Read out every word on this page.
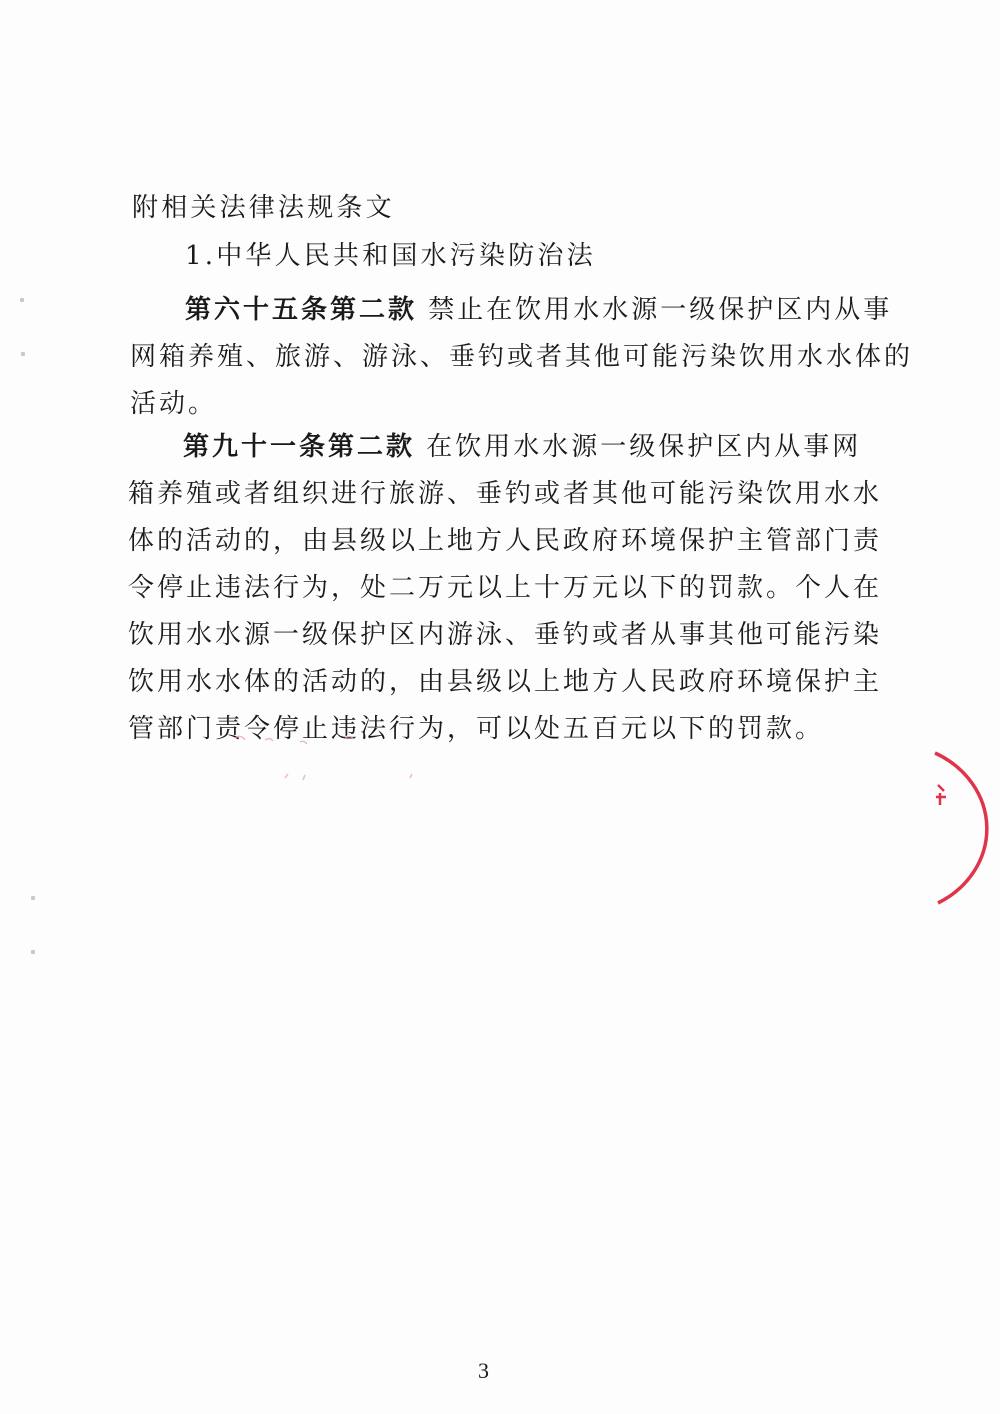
附相关法律法规条文
1.中华人民共和国水污染防治法
第六十五条第二款 禁止在饮用水水源一级保护区内从事
网箱养殖、旅游、游泳、垂钓或者其他可能污染饮用水水体的
活动。
第九十一条第二款 在饮用水水源一级保护区内从事网
箱养殖或者组织进行旅游、垂钓或者其他可能污染饮用水水
体的活动的，由县级以上地方人民政府环境保护主管部门责
令停止违法行为，处二万元以上十万元以下的罚款。个人在
饮用水水源一级保护区内游泳、垂钓或者从事其他可能污染
饮用水水体的活动的，由县级以上地方人民政府环境保护主
管部门责令停止违法行为，可以处五百元以下的罚款。
3
